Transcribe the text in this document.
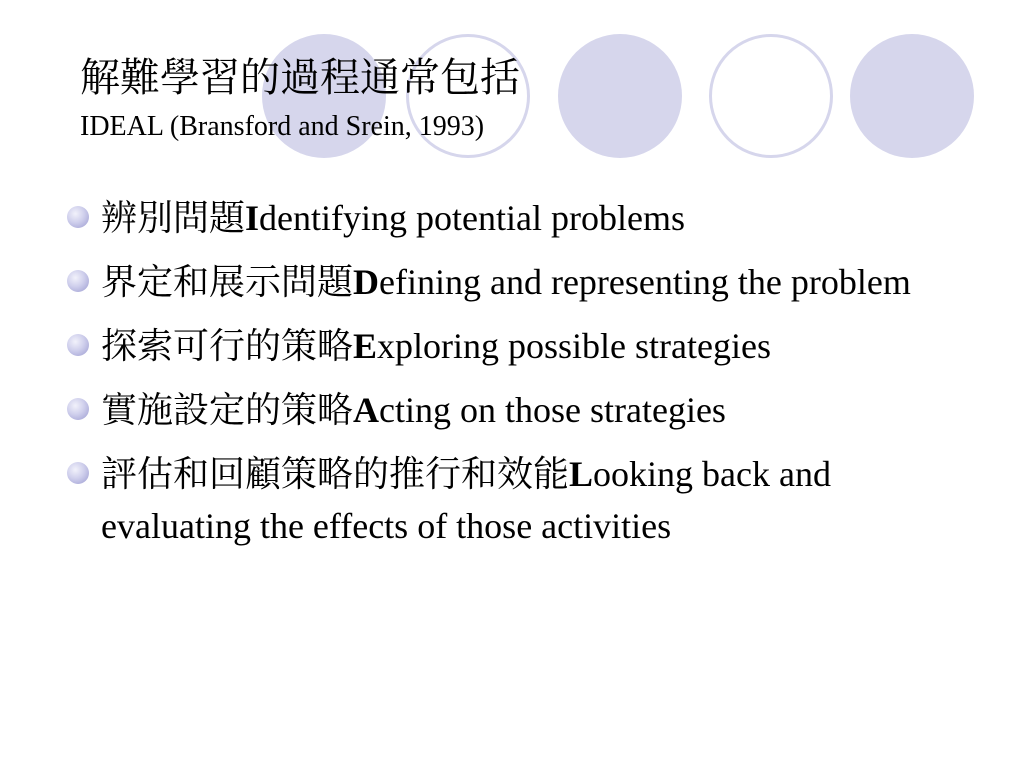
解難學習的過程通常包括
IDEAL (Bransford and Srein, 1993)
辨別問題Identifying potential problems
界定和展示問題Defining and representing the problem
探索可行的策略Exploring possible strategies
實施設定的策略Acting on those strategies
評估和回顧策略的推行和效能Looking back and evaluating the effects of those activities
